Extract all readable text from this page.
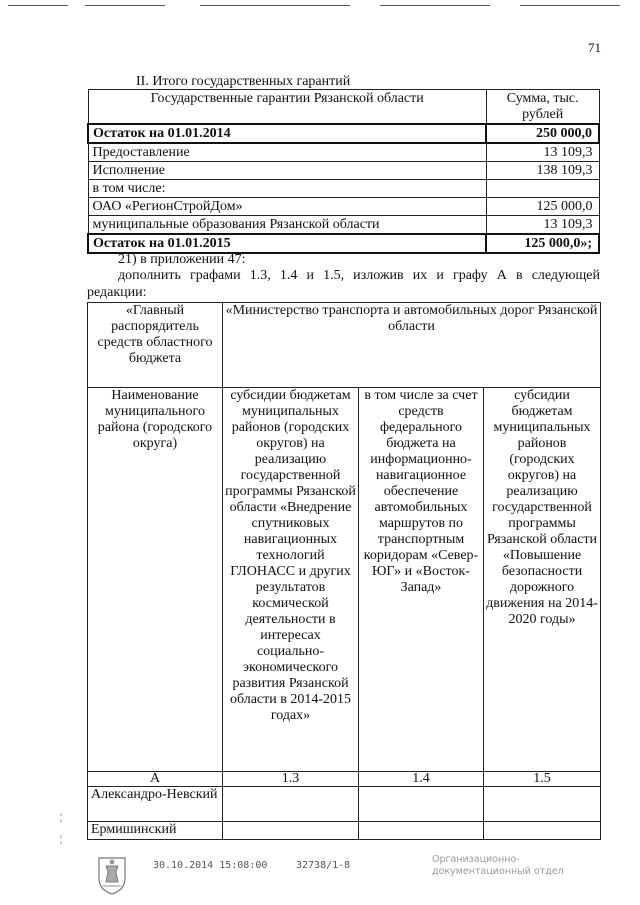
71
II. Итого государственных гарантий
Государственные гарантии Рязанской области	Сумма, тыс. рублей
Остаток на 01.01.2014	250 000,0
Предоставление	13 109,3
Исполнение	138 109,3
в том числе:	
ОАО «РегионСтройДом»	125 000,0
муниципальные образования Рязанской области	13 109,3
Остаток на 01.01.2015	125 000,0»;
21) в приложении 47:
дополнить графами 1.3, 1.4 и 1.5, изложив их и графу А в следующей
редакции:
«Главный распорядитель средств областного бюджета	«Министерство транспорта и автомобильных дорог Рязанской области		
Наименование муниципального района (городского округа)	субсидии бюджетам муниципальных районов (городских округов) на реализацию государственной программы Рязанской области «Внедрение спутниковых навигационных технологий ГЛОНАСС и других результатов космической деятельности в интересах социально-экономического развития Рязанской области в 2014-2015 годах»	в том числе за счет средств федерального бюджета на информационно-навигационное обеспечение автомобильных маршрутов по транспортным коридорам «Север-ЮГ» и «Восток-Запад»	субсидии бюджетам муниципальных районов (городских округов) на реализацию государственной программы Рязанской области «Повышение безопасности дорожного движения на 2014-2020 годы»
А	1.3	1.4	1.5
Александро-Невский			
Ермишинский			
¦
¦
30.10.2014 15:08:00	32738/1-8
Организационно-
документационный отдел
